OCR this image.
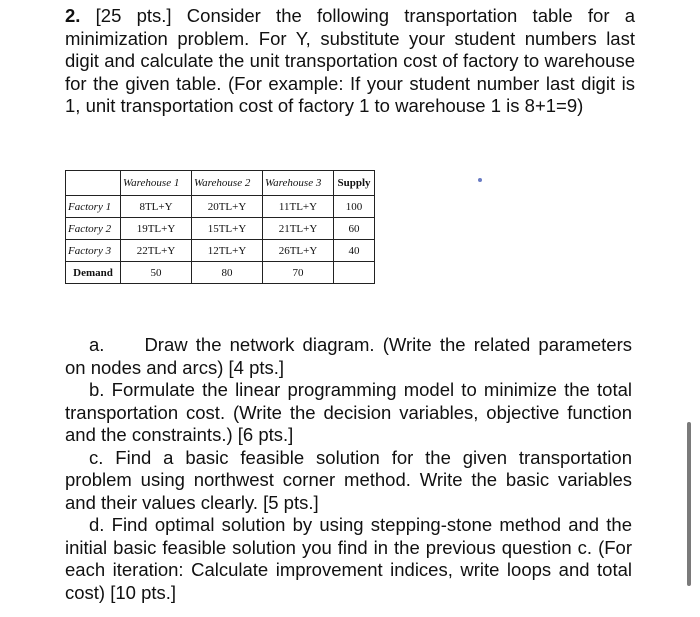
2. [25 pts.] Consider the following transportation table for a minimization problem. For Y, substitute your student numbers last digit and calculate the unit transportation cost of factory to warehouse for the given table. (For example: If your student number last digit is 1, unit transportation cost of factory 1 to warehouse 1 is 8+1=9)

	Warehouse 1	Warehouse 2	Warehouse 3	Supply
Factory 1	8TL+Y	20TL+Y	11TL+Y	100
Factory 2	19TL+Y	15TL+Y	21TL+Y	60
Factory 3	22TL+Y	12TL+Y	26TL+Y	40
Demand	50	80	70	

a. Draw the network diagram. (Write the related parameters on nodes and arcs) [4 pts.]

b. Formulate the linear programming model to minimize the total transportation cost. (Write the decision variables, objective function and the constraints.) [6 pts.]

c. Find a basic feasible solution for the given transportation problem using northwest corner method. Write the basic variables and their values clearly. [5 pts.]

d. Find optimal solution by using stepping-stone method and the initial basic feasible solution you find in the previous question c. (For each iteration: Calculate improvement indices, write loops and total cost) [10 pts.]
